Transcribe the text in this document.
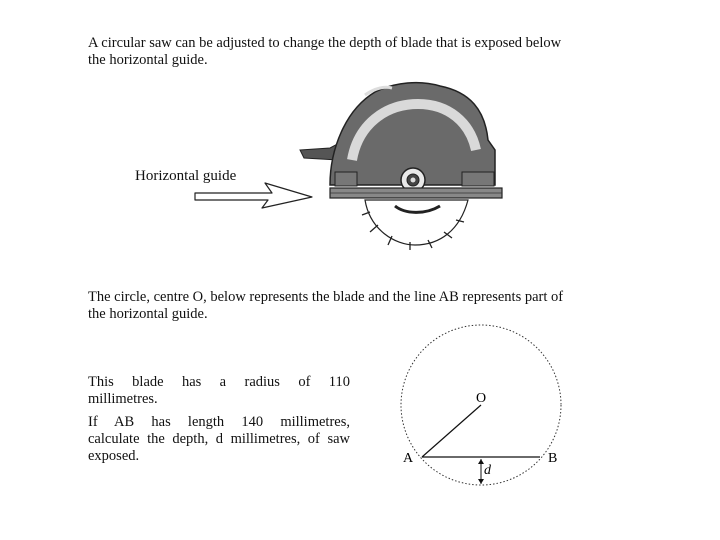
A circular saw can be adjusted to change the depth of blade that is exposed below
the horizontal guide.
Horizontal guide
The circle, centre O, below represents the blade and the line AB represents part of
the horizontal guide.
This blade has a radius of 110
millimetres.
If AB has length 140 millimetres,
calculate the depth, d millimetres, of saw
exposed.
O
A	B
d
